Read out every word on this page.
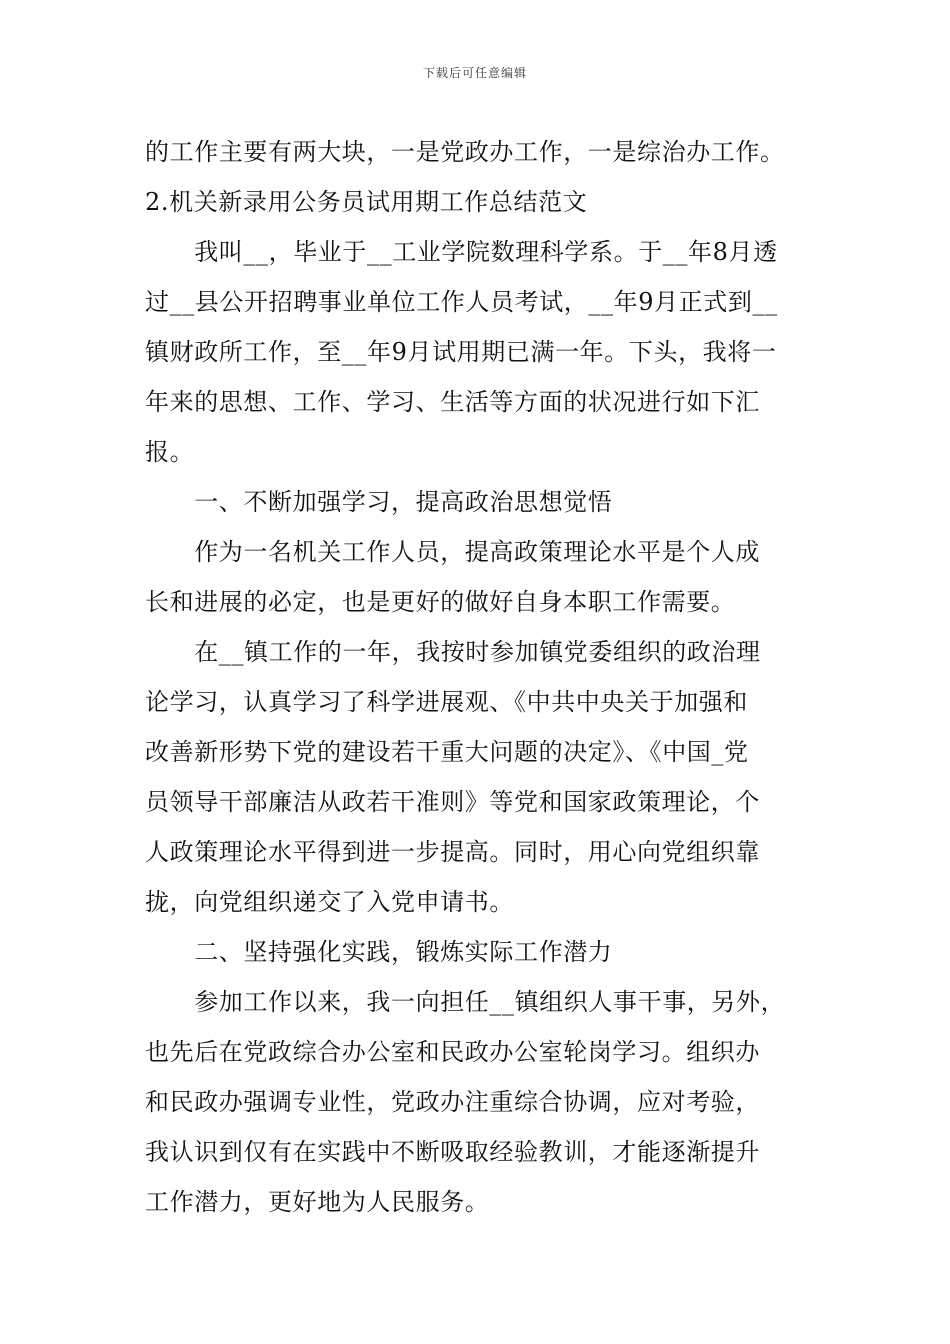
下载后可任意编辑
的工作主要有两大块，一是党政办工作，一是综治办工作。
2.机关新录用公务员试用期工作总结范文
　　我叫__，毕业于__工业学院数理科学系。于__年8月透
过__县公开招聘事业单位工作人员考试，__年9月正式到__
镇财政所工作，至__年9月试用期已满一年。下头，我将一
年来的思想、工作、学习、生活等方面的状况进行如下汇
报。
　　一、不断加强学习，提高政治思想觉悟
　　作为一名机关工作人员，提高政策理论水平是个人成
长和进展的必定，也是更好的做好自身本职工作需要。
　　在__镇工作的一年，我按时参加镇党委组织的政治理
论学习，认真学习了科学进展观、《中共中央关于加强和
改善新形势下党的建设若干重大问题的决定》、《中国_党
员领导干部廉洁从政若干准则》等党和国家政策理论，个
人政策理论水平得到进一步提高。同时，用心向党组织靠
拢，向党组织递交了入党申请书。
　　二、坚持强化实践，锻炼实际工作潜力
　　参加工作以来，我一向担任__镇组织人事干事，另外，
也先后在党政综合办公室和民政办公室轮岗学习。组织办
和民政办强调专业性，党政办注重综合协调，应对考验，
我认识到仅有在实践中不断吸取经验教训，才能逐渐提升
工作潜力，更好地为人民服务。
